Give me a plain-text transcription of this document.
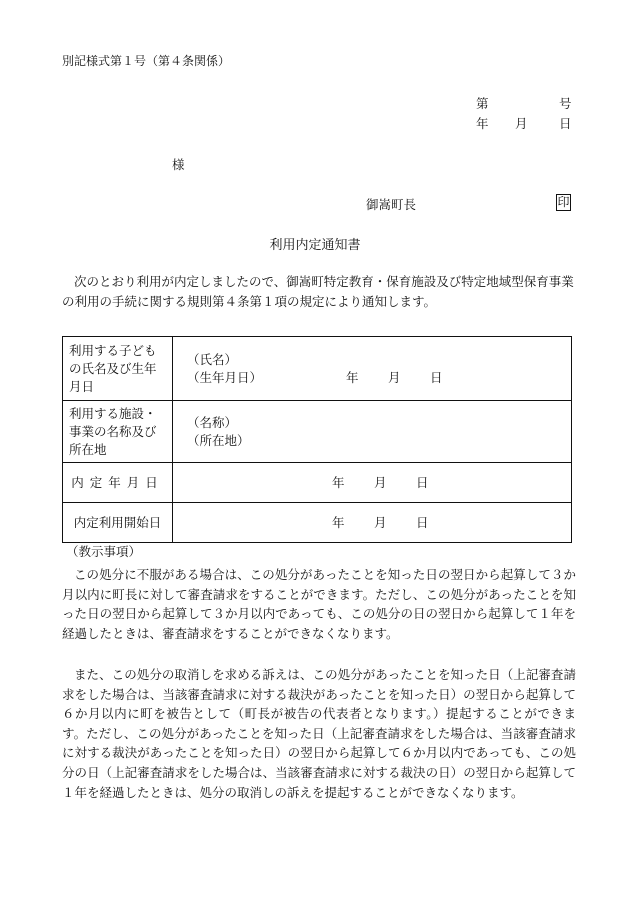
別記様式第１号（第４条関係）
第	号
年 月	日
様
御嵩町長	印
利用内定通知書
次のとおり利用が内定しましたので、御嵩町特定教育・保育施設及び特定地域型保育事業の利用の手続に関する規則第４条第１項の規定により通知します。
利用する子どもの氏名及び生年月日	（氏名）
（生年月日） 年 月 日

利用する施設・事業の名称及び所在地	（名称）
（所在地）

内定年月日	年 月 日

内定利用開始日	年 月 日
（教示事項）
この処分に不服がある場合は、この処分があったことを知った日の翌日から起算して３か月以内に町長に対して審査請求をすることができます。ただし、この処分があったことを知った日の翌日から起算して３か月以内であっても、この処分の日の翌日から起算して１年を経過したときは、審査請求をすることができなくなります。
また、この処分の取消しを求める訴えは、この処分があったことを知った日（上記審査請求をした場合は、当該審査請求に対する裁決があったことを知った日）の翌日から起算して６か月以内に町を被告として（町長が被告の代表者となります。）提起することができます。ただし、この処分があったことを知った日（上記審査請求をした場合は、当該審査請求に対する裁決があったことを知った日）の翌日から起算して６か月以内であっても、この処分の日（上記審査請求をした場合は、当該審査請求に対する裁決の日）の翌日から起算して１年を経過したときは、処分の取消しの訴えを提起することができなくなります。
